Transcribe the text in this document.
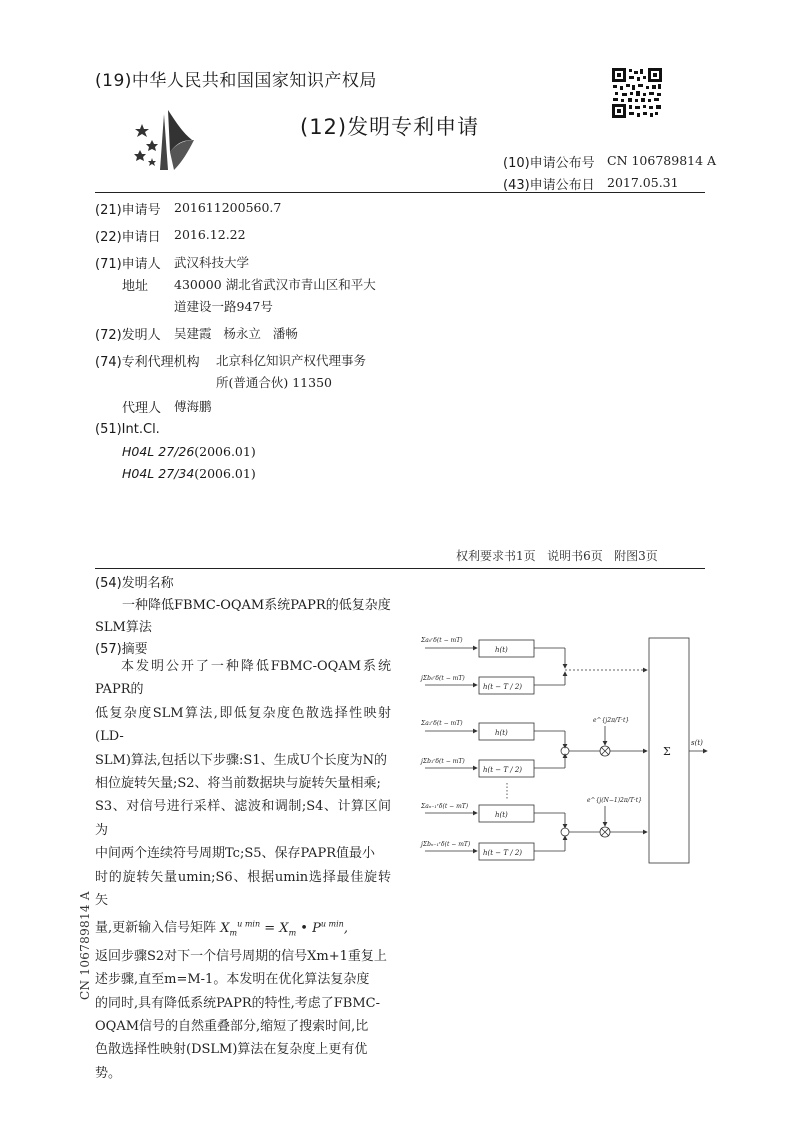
(19)中华人民共和国国家知识产权局
(12)发明专利申请
(10)申请公布号 CN 106789814 A
(43)申请公布日 2017.05.31
(21)申请号 201611200560.7
(22)申请日 2016.12.22
(71)申请人 武汉科技大学
地址 430000 湖北省武汉市青山区和平大
道建设一路947号
(72)发明人 吴建霞   杨永立   潘畅
(74)专利代理机构 北京科亿知识产权代理事务
所(普通合伙) 11350
代理人 傅海鹏
(51)Int.Cl.
H04L 27/26(2006.01)
H04L 27/34(2006.01)
权利要求书1页   说明书6页   附图3页
(54)发明名称
一种降低FBMC-OQAM系统PAPR的低复杂度
SLM算法
(57)摘要

本发明公开了一种降低FBMC-OQAM系统PAPR的

低复杂度SLM算法,即低复杂度色散选择性映射(LD-

SLM)算法,包括以下步骤:S1、生成U个长度为N的

相位旋转矢量;S2、将当前数据块与旋转矢量相乘;

S3、对信号进行采样、滤波和调制;S4、计算区间为

中间两个连续符号周期Tc;S5、保存PAPR值最小

时的旋转矢量umin;S6、根据umin选择最佳旋转矢

量,更新输入信号矩阵 $X_m^{u min} = X_m$ • $P^{u min}$,

返回步骤S2对下一个信号周期的信号Xm+1重复上

述步骤,直至m=M-1。本发明在优化算法复杂度

的同时,具有降低系统PAPR的特性,考虑了FBMC-

OQAM信号的自然重叠部分,缩短了搜索时间,比

色散选择性映射(DSLM)算法在复杂度上更有优

势。

CN 106789814 A
h(t)
h(t − T / 2)
h(t)
h(t − T / 2)
h(t)
h(t − T / 2)
Σa₀ʳδ(t − mT)
jΣb₀ʳδ(t − mT)
Σa₁ʳδ(t − mT)
jΣb₁ʳδ(t − mT)
Σaₙ₋₁ʳδ(t − mT)
jΣbₙ₋₁ʳδ(t − mT)
e^{j2π/T·t}
e^{j(N−1)2π/T·t}
Σ
s(t)
